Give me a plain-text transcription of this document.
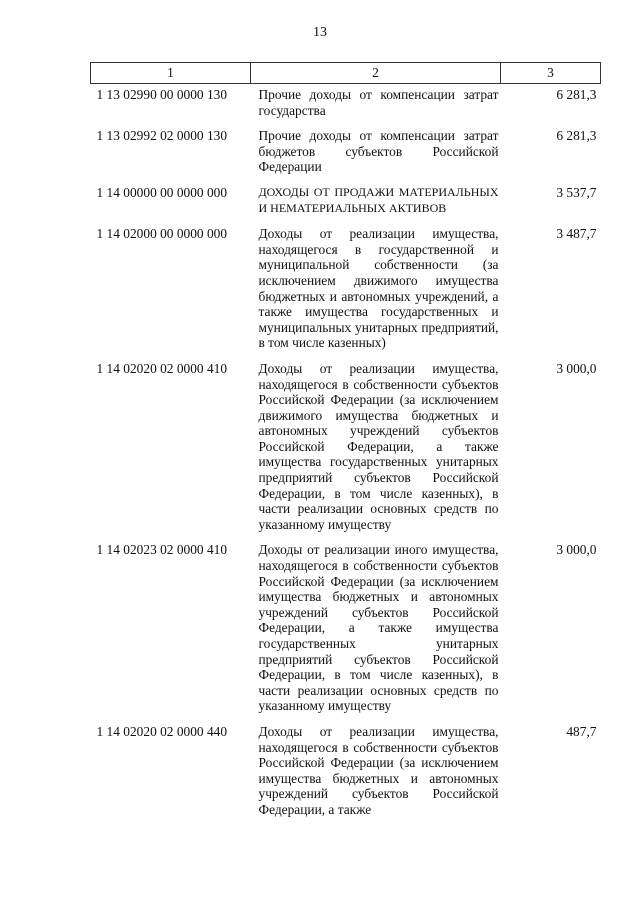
13
1	2	3
1 13 02990 00 0000 130	Прочие доходы от компенсации затрат государства	6 281,3
1 13 02992 02 0000 130	Прочие доходы от компенсации затрат бюджетов субъектов Российской Федерации	6 281,3
1 14 00000 00 0000 000	ДОХОДЫ ОТ ПРОДАЖИ МАТЕРИАЛЬНЫХ И НЕМАТЕРИАЛЬНЫХ АКТИВОВ	3 537,7
1 14 02000 00 0000 000	Доходы от реализации имущества, находящегося в государственной и муниципальной собственности (за исключением движимого имущества бюджетных и автономных учреждений, а также имущества государственных и муниципальных унитарных предприятий, в том числе казенных)	3 487,7
1 14 02020 02 0000 410	Доходы от реализации имущества, находящегося в собственности субъектов Российской Федерации (за исключением движимого имущества бюджетных и автономных учреждений субъектов Российской Федерации, а также имущества государственных унитарных предприятий субъектов Российской Федерации, в том числе казенных), в части реализации основных средств по указанному имуществу	3 000,0
1 14 02023 02 0000 410	Доходы от реализации иного имущества, находящегося в собственности субъектов Российской Федерации (за исключением имущества бюджетных и автономных учреждений субъектов Российской Федерации, а также имущества государственных унитарных предприятий субъектов Российской Федерации, в том числе казенных), в части реализации основных средств по указанному имуществу	3 000,0
1 14 02020 02 0000 440	Доходы от реализации имущества, находящегося в собственности субъектов Российской Федерации (за исключением имущества бюджетных и автономных учреждений субъектов Российской Федерации, а также	487,7
